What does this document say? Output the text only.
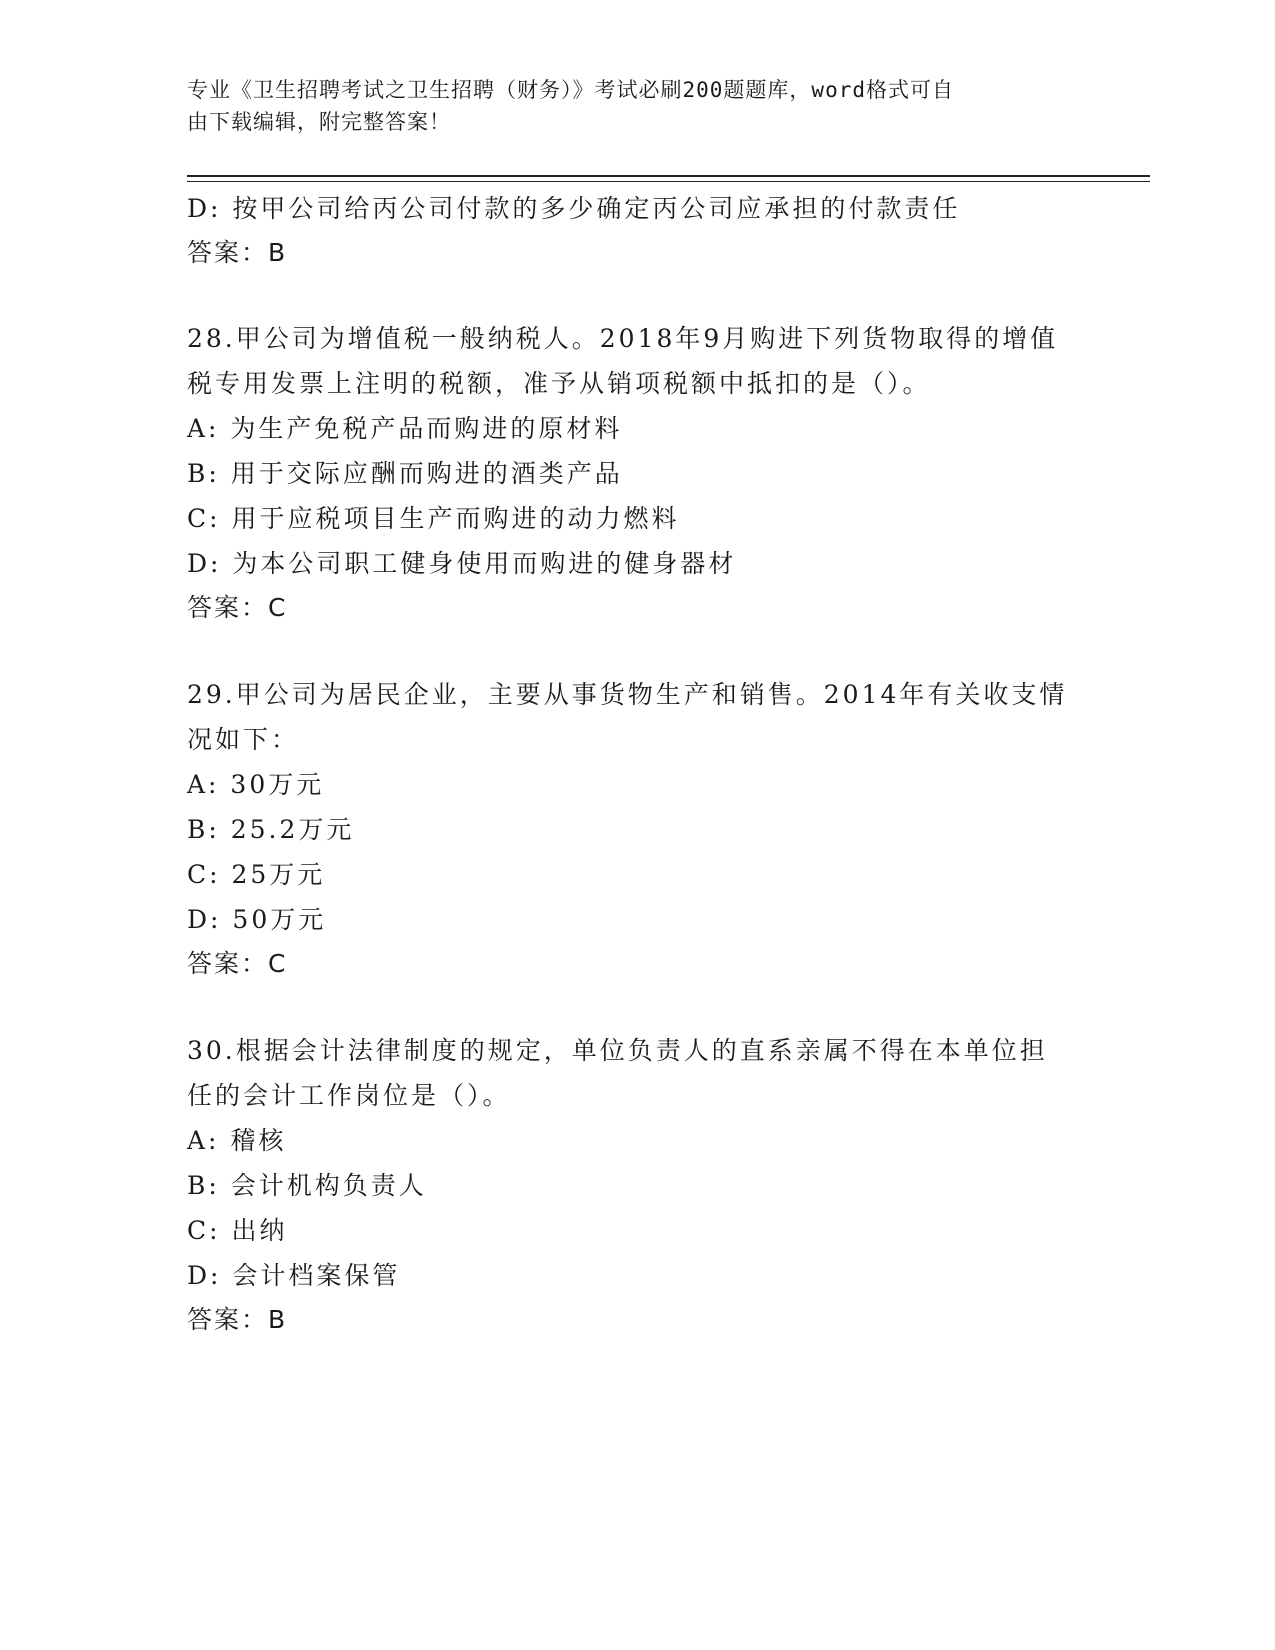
专业《卫生招聘考试之卫生招聘（财务）》考试必刷200题题库，word格式可自
由下载编辑，附完整答案！
D: 按甲公司给丙公司付款的多少确定丙公司应承担的付款责任
答案：B
28.甲公司为增值税一般纳税人。2018年9月购进下列货物取得的增值
税专用发票上注明的税额，准予从销项税额中抵扣的是（）。
A: 为生产免税产品而购进的原材料
B: 用于交际应酬而购进的酒类产品
C: 用于应税项目生产而购进的动力燃料
D: 为本公司职工健身使用而购进的健身器材
答案：C
29.甲公司为居民企业，主要从事货物生产和销售。2014年有关收支情
况如下：
A: 30万元
B: 25.2万元
C: 25万元
D: 50万元
答案：C
30.根据会计法律制度的规定，单位负责人的直系亲属不得在本单位担
任的会计工作岗位是（）。
A: 稽核
B: 会计机构负责人
C: 出纳
D: 会计档案保管
答案：B
